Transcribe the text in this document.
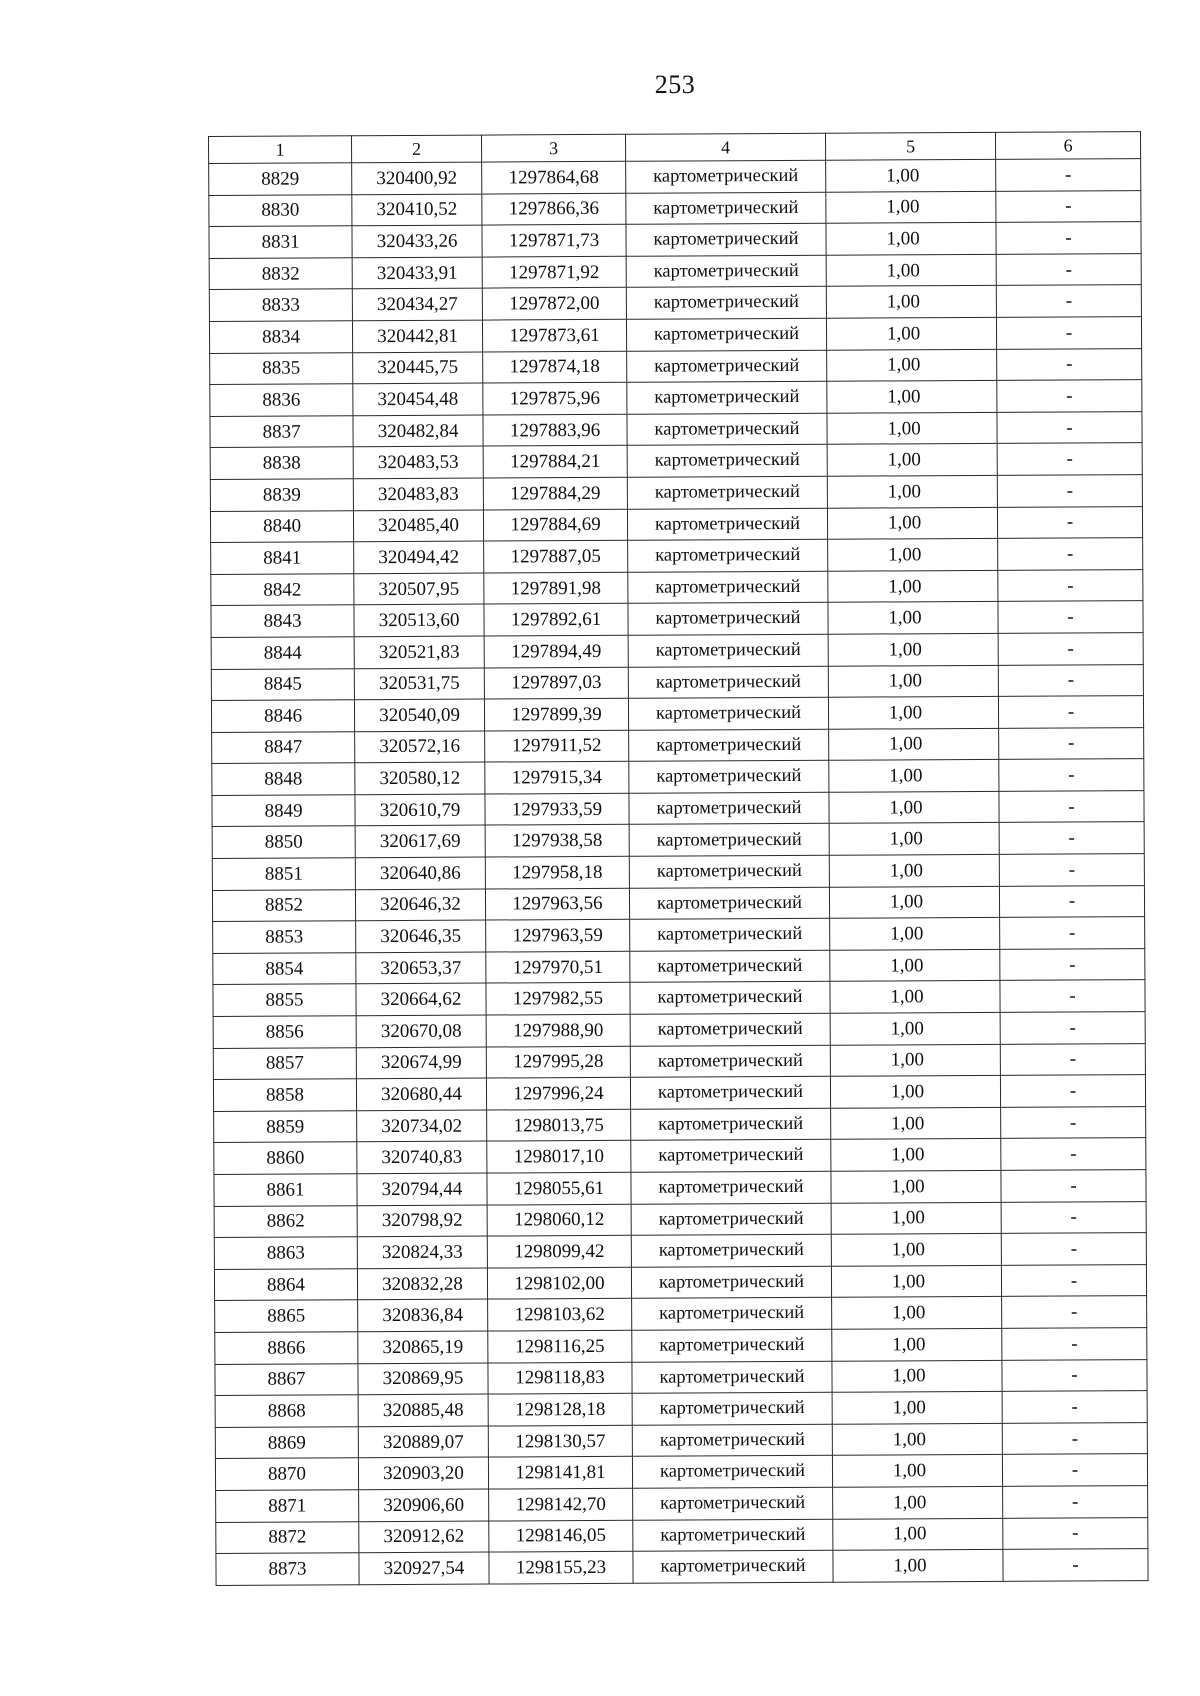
253
1	2	3	4	5	6
8829	320400,92	1297864,68	картометрический	1,00	-
8830	320410,52	1297866,36	картометрический	1,00	-
8831	320433,26	1297871,73	картометрический	1,00	-
8832	320433,91	1297871,92	картометрический	1,00	-
8833	320434,27	1297872,00	картометрический	1,00	-
8834	320442,81	1297873,61	картометрический	1,00	-
8835	320445,75	1297874,18	картометрический	1,00	-
8836	320454,48	1297875,96	картометрический	1,00	-
8837	320482,84	1297883,96	картометрический	1,00	-
8838	320483,53	1297884,21	картометрический	1,00	-
8839	320483,83	1297884,29	картометрический	1,00	-
8840	320485,40	1297884,69	картометрический	1,00	-
8841	320494,42	1297887,05	картометрический	1,00	-
8842	320507,95	1297891,98	картометрический	1,00	-
8843	320513,60	1297892,61	картометрический	1,00	-
8844	320521,83	1297894,49	картометрический	1,00	-
8845	320531,75	1297897,03	картометрический	1,00	-
8846	320540,09	1297899,39	картометрический	1,00	-
8847	320572,16	1297911,52	картометрический	1,00	-
8848	320580,12	1297915,34	картометрический	1,00	-
8849	320610,79	1297933,59	картометрический	1,00	-
8850	320617,69	1297938,58	картометрический	1,00	-
8851	320640,86	1297958,18	картометрический	1,00	-
8852	320646,32	1297963,56	картометрический	1,00	-
8853	320646,35	1297963,59	картометрический	1,00	-
8854	320653,37	1297970,51	картометрический	1,00	-
8855	320664,62	1297982,55	картометрический	1,00	-
8856	320670,08	1297988,90	картометрический	1,00	-
8857	320674,99	1297995,28	картометрический	1,00	-
8858	320680,44	1297996,24	картометрический	1,00	-
8859	320734,02	1298013,75	картометрический	1,00	-
8860	320740,83	1298017,10	картометрический	1,00	-
8861	320794,44	1298055,61	картометрический	1,00	-
8862	320798,92	1298060,12	картометрический	1,00	-
8863	320824,33	1298099,42	картометрический	1,00	-
8864	320832,28	1298102,00	картометрический	1,00	-
8865	320836,84	1298103,62	картометрический	1,00	-
8866	320865,19	1298116,25	картометрический	1,00	-
8867	320869,95	1298118,83	картометрический	1,00	-
8868	320885,48	1298128,18	картометрический	1,00	-
8869	320889,07	1298130,57	картометрический	1,00	-
8870	320903,20	1298141,81	картометрический	1,00	-
8871	320906,60	1298142,70	картометрический	1,00	-
8872	320912,62	1298146,05	картометрический	1,00	-
8873	320927,54	1298155,23	картометрический	1,00	-
